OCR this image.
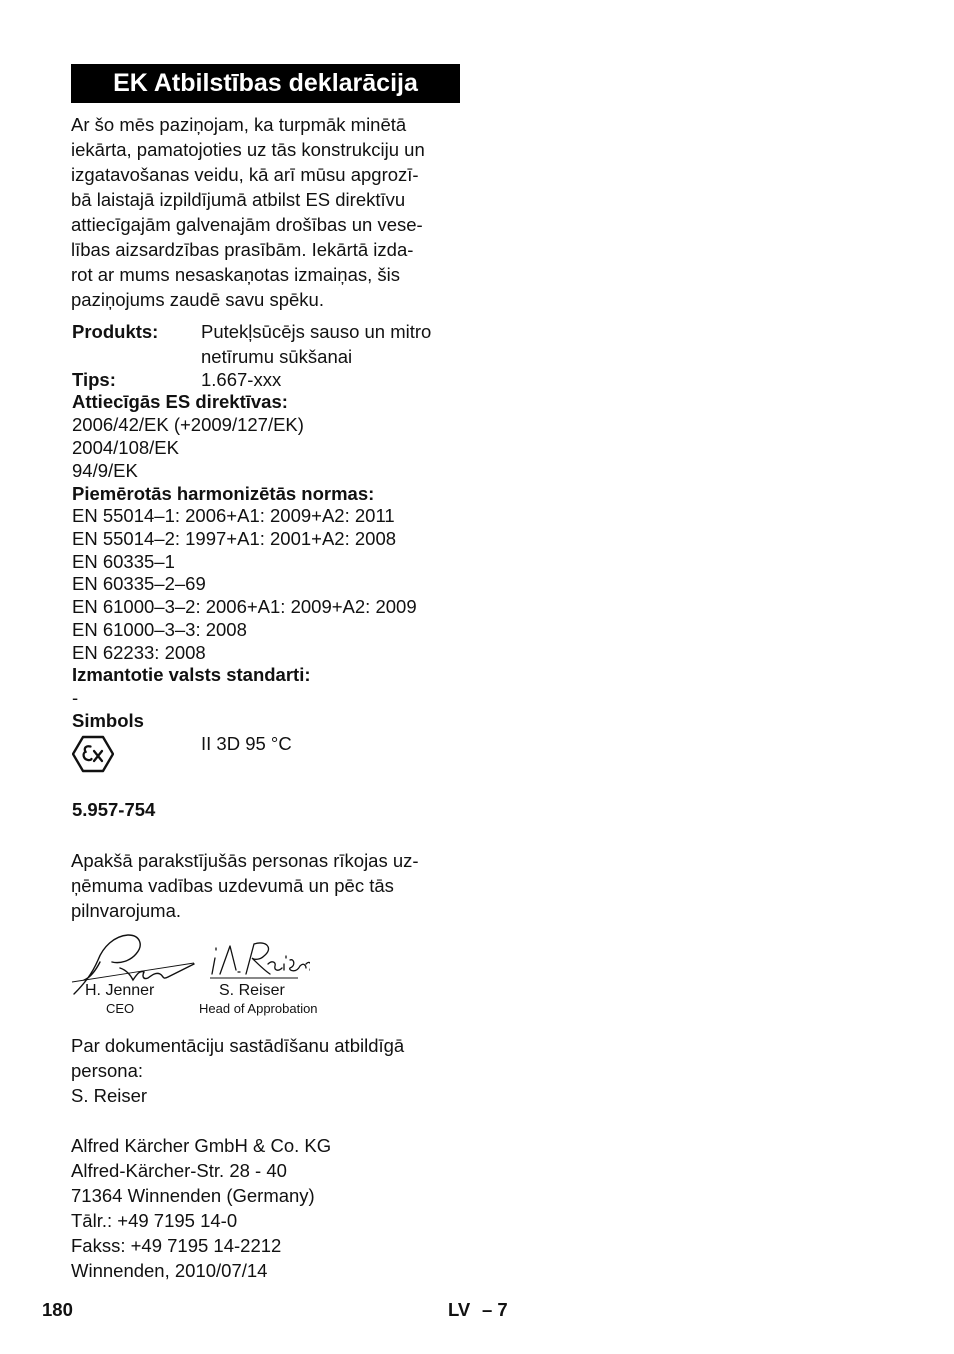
EK Atbilstības deklarācija
Ar šo mēs paziņojam, ka turpmāk minētā
iekārta, pamatojoties uz tās konstrukciju un
izgatavošanas veidu, kā arī mūsu apgrozī-
bā laistajā izpildījumā atbilst ES direktīvu
attiecīgajām galvenajām drošības un vese-
lības aizsardzības prasībām. Iekārtā izda-
rot ar mums nesaskaņotas izmaiņas, šis
paziņojums zaudē savu spēku.
Produkts: Putekļsūcējs sauso un mitro
netīrumu sūkšanai
Tips:	1.667-xxx
Attiecīgās ES direktīvas:
2006/42/EK (+2009/127/EK)
2004/108/EK
94/9/EK
Piemērotās harmonizētās normas:
EN 55014–1: 2006+A1: 2009+A2: 2011
EN 55014–2: 1997+A1: 2001+A2: 2008
EN 60335–1
EN 60335–2–69
EN 61000–3–2: 2006+A1: 2009+A2: 2009
EN 61000–3–3: 2008
EN 62233: 2008
Izmantotie valsts standarti:
-
Simbols
II 3D 95 °C
5.957-754
Apakšā parakstījušās personas rīkojas uz-
ņēmuma vadības uzdevumā un pēc tās
pilnvarojuma.
H. Jenner
CEO
S. Reiser
Head of Approbation
Par dokumentāciju sastādīšanu atbildīgā
persona:
S. Reiser
Alfred Kärcher GmbH & Co. KG
Alfred-Kärcher-Str. 28 - 40
71364 Winnenden (Germany)
Tālr.: +49 7195 14-0
Fakss: +49 7195 14-2212
Winnenden, 2010/07/14
180	LV – 7
